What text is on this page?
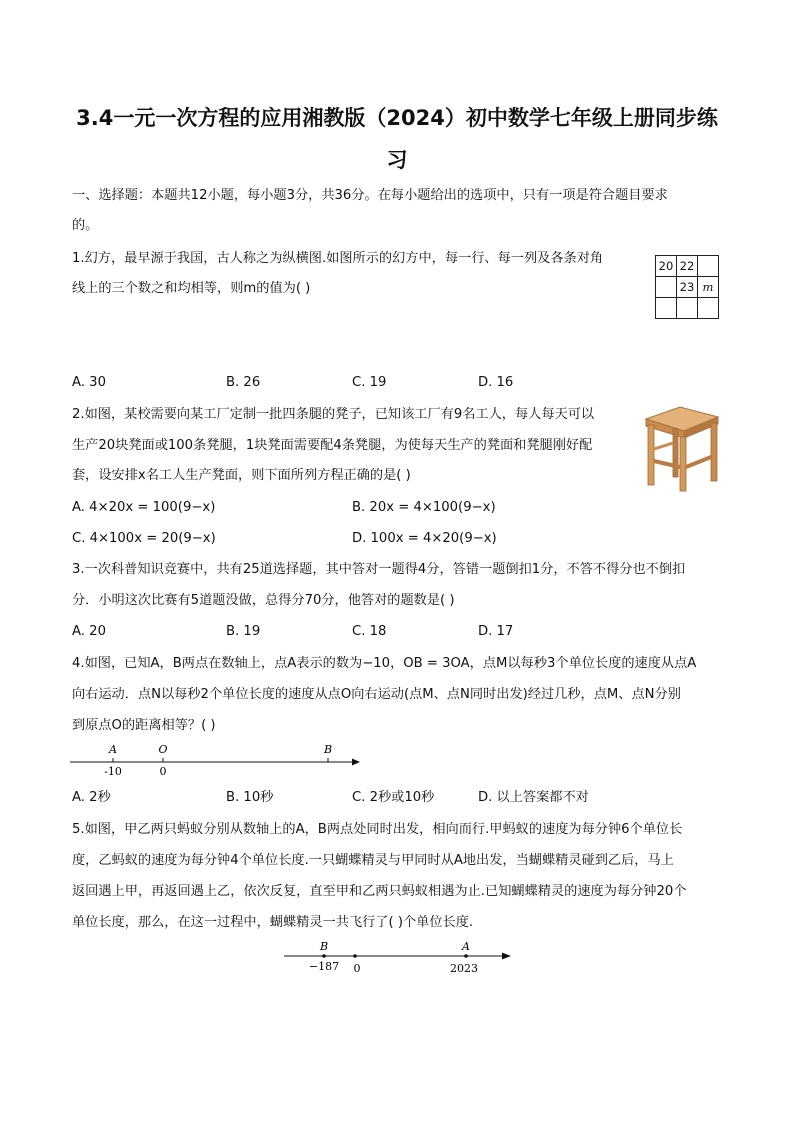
3.4一元一次方程的应用湘教版（2024）初中数学七年级上册同步练
习
一、选择题：本题共12小题，每小题3分，共36分。在每小题给出的选项中，只有一项是符合题目要求
的。
1.幻方，最早源于我国，古人称之为纵横图.如图所示的幻方中，每一行、每一列及各条对角
线上的三个数之和均相等，则m的值为( )
20	22	
	23	m

A. 30	B. 26	C. 19	D. 16
2.如图，某校需要向某工厂定制一批四条腿的凳子，已知该工厂有9名工人，每人每天可以
生产20块凳面或100条凳腿，1块凳面需要配4条凳腿，为使每天生产的凳面和凳腿刚好配
套，设安排x名工人生产凳面，则下面所列方程正确的是( )
A. 4×20x = 100(9−x)	B. 20x = 4×100(9−x)
C. 4×100x = 20(9−x)	D. 100x = 4×20(9−x)
3.一次科普知识竞赛中，共有25道选择题，其中答对一题得4分，答错一题倒扣1分，不答不得分也不倒扣
分．小明这次比赛有5道题没做，总得分70分，他答对的题数是( )
A. 20	B. 19	C. 18	D. 17
4.如图，已知A，B两点在数轴上，点A表示的数为−10，OB = 3OA，点M以每秒3个单位长度的速度从点A
向右运动．点N以每秒2个单位长度的速度从点O向右运动(点M、点N同时出发)经过几秒，点M、点N分别
到原点O的距离相等？( )
A	O	B
-10	0
A. 2秒	B. 10秒	C. 2秒或10秒	D. 以上答案都不对
5.如图，甲乙两只蚂蚁分别从数轴上的A，B两点处同时出发，相向而行.甲蚂蚁的速度为每分钟6个单位长
度，乙蚂蚁的速度为每分钟4个单位长度.一只蝴蝶精灵与甲同时从A地出发，当蝴蝶精灵碰到乙后，马上
返回遇上甲，再返回遇上乙，依次反复，直至甲和乙两只蚂蚁相遇为止.已知蝴蝶精灵的速度为每分钟20个
单位长度，那么，在这一过程中，蝴蝶精灵一共飞行了( )个单位长度.
B	A
−187 0	2023
